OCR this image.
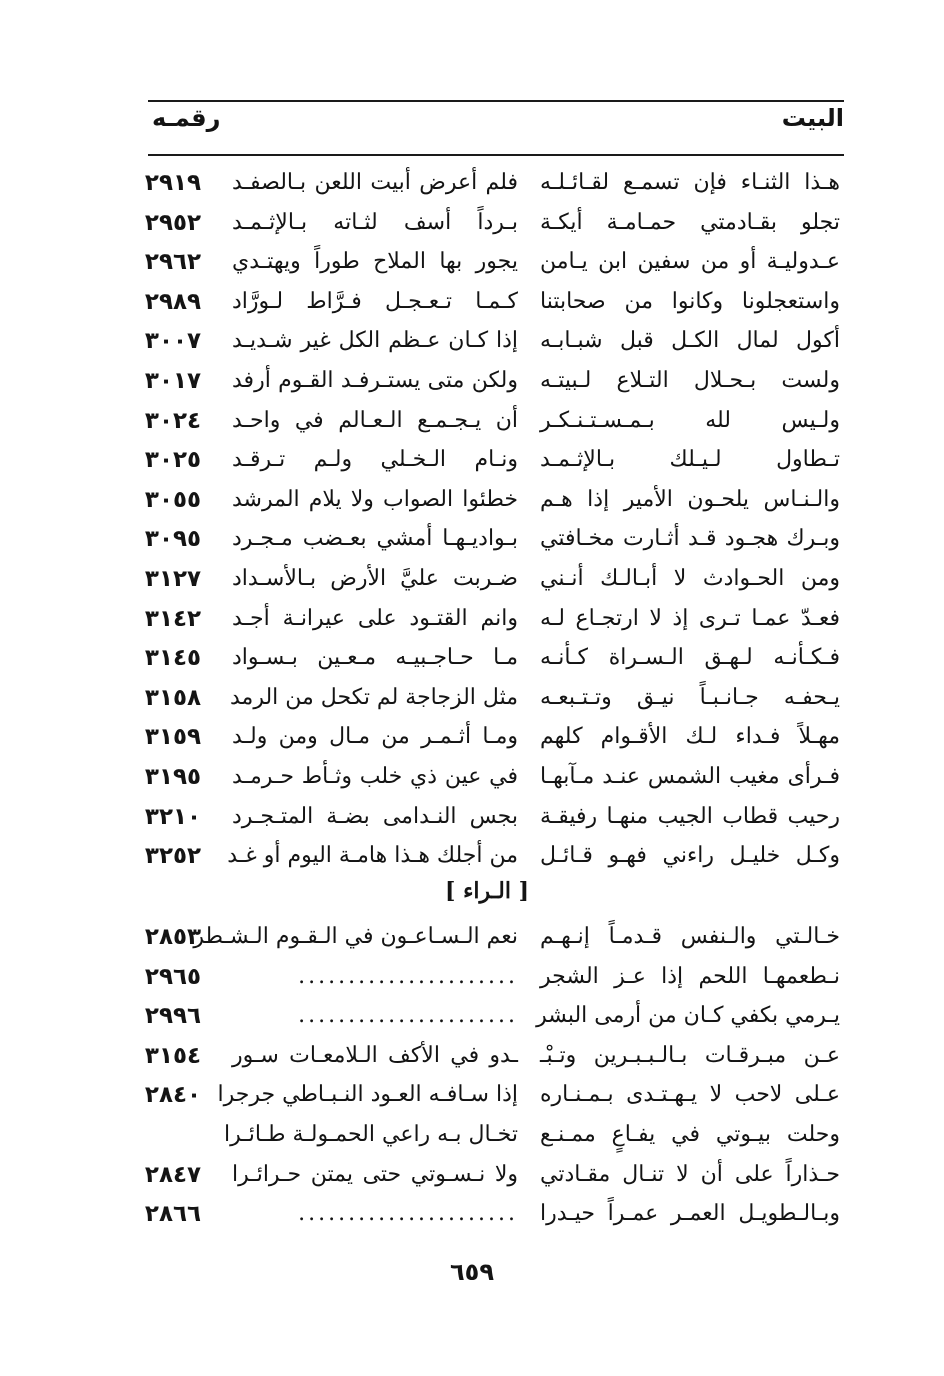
البيت
رقمـه
هـذا الثنـاء فإن تسمـع لقـائـلـه
فلم أعرض أبيت اللعن بـالصفـد
٢٩١٩
تجلو بقـادمتي حمـامـة أيكـة
بـرداً أسف لثـاته بـالإثـمـد
٢٩٥٢
عـدوليـة أو من سفين ابن يـامن
يجور بها الملاح طوراً ويهتـدي
٢٩٦٢
واستعجلونا وكانوا من صحابتنا
كـمـا تـعـجـل فـرَّاط لـورَّاد
٢٩٨٩
أكول لمال الكـل قبل شبـابـه
إذا كـان عـظم الكل غير شـديـد
٣٠٠٧
ولست بـحـلال التـلاع لـبيتـه
ولكن متى يستـرفـد القـوم أرفد
٣٠١٧
ولـيس لله بـمـسـتـنـكـر
أن يـجـمـع الـعـالم في واحـد
٣٠٢٤
تـطاول لـيـلك بـالإثـمـد
ونـام الـخـلي ولـم تـرقـد
٣٠٢٥
والـنـاس يلحـون الأمير إذا هـم
خطئوا الصواب ولا يلام المرشد
٣٠٥٥
وبـرك هجـود قـد أثـارت مخـافتي
بـواديـهـا أمشي بعـضب مـجـرد
٣٠٩٥
ومن الحـوادث لا أبـالـك أنـني
ضـربت عليَّ الأرض بـالأسـداد
٣١٢٧
فعـدّ عمـا تـرى إذ لا ارتجـاع لـه
وانم القتـود على عيرانـة أجـد
٣١٤٢
فـكـأنـه لـهـق الـسـراة كـأنـه
مـا حـاجـبيـه مـعـين بـسـواد
٣١٤٥
يـحفـه جـانـبـاً نيـق وتـتـبعـه
مثل الزجاجة لم تكحل من الرمد
٣١٥٨
مهـلاً فـداء لـك الأقـوام كلهم
ومـا أثـمـر من مـال ومن ولـد
٣١٥٩
فـرأى مغيب الشمس عنـد مـآبهـا
في عين ذي خلب وثـأط حـرمـد
٣١٩٥
رحيب قطاب الجيب منهـا رفيقـة
بجس النـدامى بضـة المتـجـرد
٣٢١٠
وكـل خليـل راءني فهـو قـائـل
من أجلك هـذا هامـة اليوم أو غـد
٣٢٥٢
[ الـراء ]
خـالـتي والـنفس قـدمـاً إنـهـم
نعم الـسـاعـون في الـقـوم الـشـطر
٢٨٥٣
نـطعمهـا اللحم إذا عـز الشجر
......................
٢٩٦٥
يـرمي بكفي كـان من أرمى البشر
......................
٢٩٩٦
عـن مبـرقـات بـالـبـبـرين وتـبْـ
ـدو في الأكف الـلامعـات سـور
٣١٥٤
عـلى لاحب لا يـهـتـدى بـمـنـاره
إذا سـافـه العـود النـبـاطي جرجرا
٢٨٤٠
وحلت بيـوتي في يفـاعٍ ممـنـع
تخـال بـه راعي الحمـولـة طـائـرا
حـذاراً على أن لا تنـال مقـادتي
ولا نـسـوتي حتى يمتن حـرائـرا
٢٨٤٧
وبـالـطويـل العمـر عمـراً حيـدرا
......................
٢٨٦٦
٦٥٩
